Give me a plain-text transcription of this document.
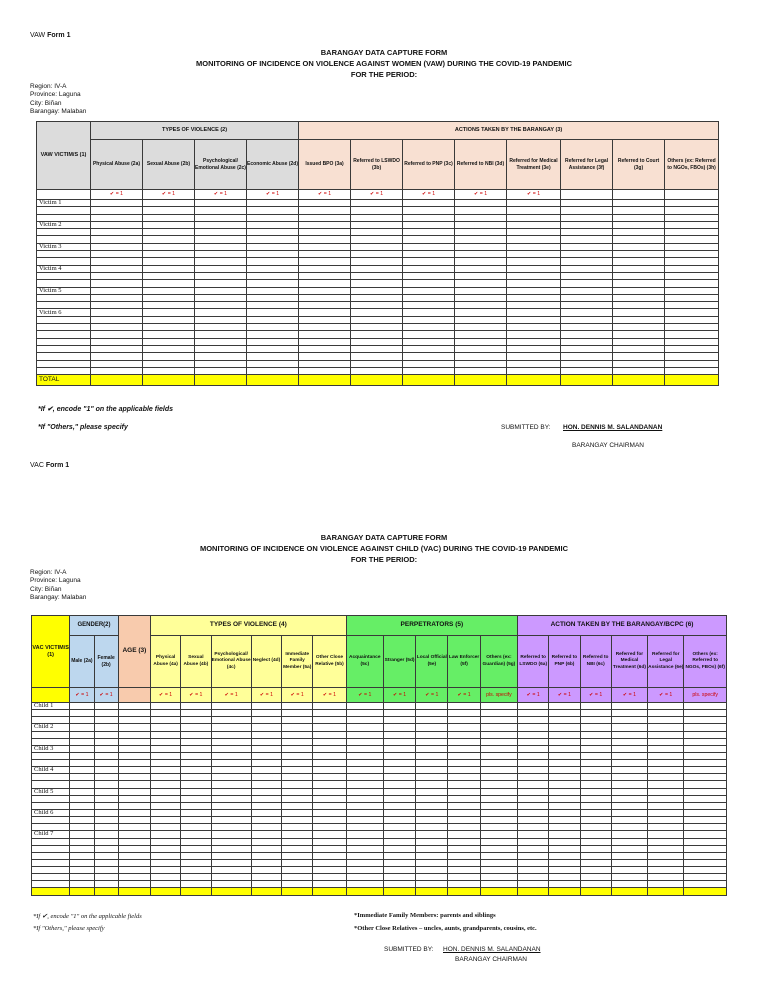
VAW Form 1
BARANGAY DATA CAPTURE FORM
MONITORING OF INCIDENCE ON VIOLENCE AGAINST WOMEN (VAW) DURING THE COVID-19 PANDEMIC
FOR THE PERIOD:
Region: IV-A
Province: Laguna
City: Biñan
Barangay: Malaban
VAW VICTIM/S (1)	TYPES OF VIOLENCE (2)				ACTIONS TAKEN BY THE BARANGAY (3)							
	Physical Abuse (2a)	Sexual Abuse (2b)	Psychological/ Emotional Abuse (2c)	Economic Abuse (2d)	Issued BPO (3a)	Referred to LSWDO (3b)	Referred to PNP (3c)	Referred to NBI (3d)	Referred for Medical Treatment (3e)	Referred for Legal Assistance (3f)	Referred to Court (3g)	Others (ex: Referred to NGOs, FBOs) (3h)
	✔ = 1	✔ = 1	✔ = 1	✔ = 1	✔ = 1	✔ = 1	✔ = 1	✔ = 1	✔ = 1			
Victim 1												

Victim 2												

Victim 3												

Victim 4												

Victim 5												

Victim 6												

TOTAL												
*If ✔, encode "1" on the applicable fields
*If "Others," please specify	SUBMITTED BY: HON. DENNIS M. SALANDANAN
BARANGAY CHAIRMAN
VAC Form 1
BARANGAY DATA CAPTURE FORM
MONITORING OF INCIDENCE ON VIOLENCE AGAINST CHILD (VAC) DURING THE COVID-19 PANDEMIC
FOR THE PERIOD:
Region: IV-A
Province: Laguna
City: Biñan
Barangay: Malaban
VAC VICTIM/S (1)	GENDER(2)		AGE (3)	TYPES OF VIOLENCE (4)						PERPETRATORS (5)					ACTION TAKEN BY THE BARANGAY/BCPC (6)					
	Male (2a)	Female (2b)		Physical Abuse (4a)	Sexual Abuse (4b)	Psychological/ Emotional Abuse (4c)	Neglect (4d)	Immediate Family Member (5a)	Other Close Relative (5b)	Acquaintance (5c)	Stranger (5d)	Local Official (5e)	Law Enforcer (5f)	Others (ex: Guardian) (5g)	Referred to LSWDO (6a)	Referred to PNP (6b)	Referred to NBI (6c)	Referred for Medical Treatment (6d)	Referred for Legal Assistance (6e)	Others (ex: Referred to NGOs, FBOs) (6f)
	✔ = 1	✔ = 1		✔ = 1	✔ = 1	✔ = 1	✔ = 1	✔ = 1	✔ = 1	✔ = 1	✔ = 1	✔ = 1	✔ = 1	pls. specify	✔ = 1	✔ = 1	✔ = 1	✔ = 1	✔ = 1	pls. specify
Child 1																				

Child 2																				

Child 3																				

Child 4																				

Child 5																				

Child 6																				

Child 7																				

*If ✔, encode "1" on the applicable fields
*If "Others," please specify
*Immediate Family Members: parents and siblings
*Other Close Relatives – uncles, aunts, grandparents, cousins, etc.
SUBMITTED BY: HON. DENNIS M. SALANDANAN
BARANGAY CHAIRMAN
